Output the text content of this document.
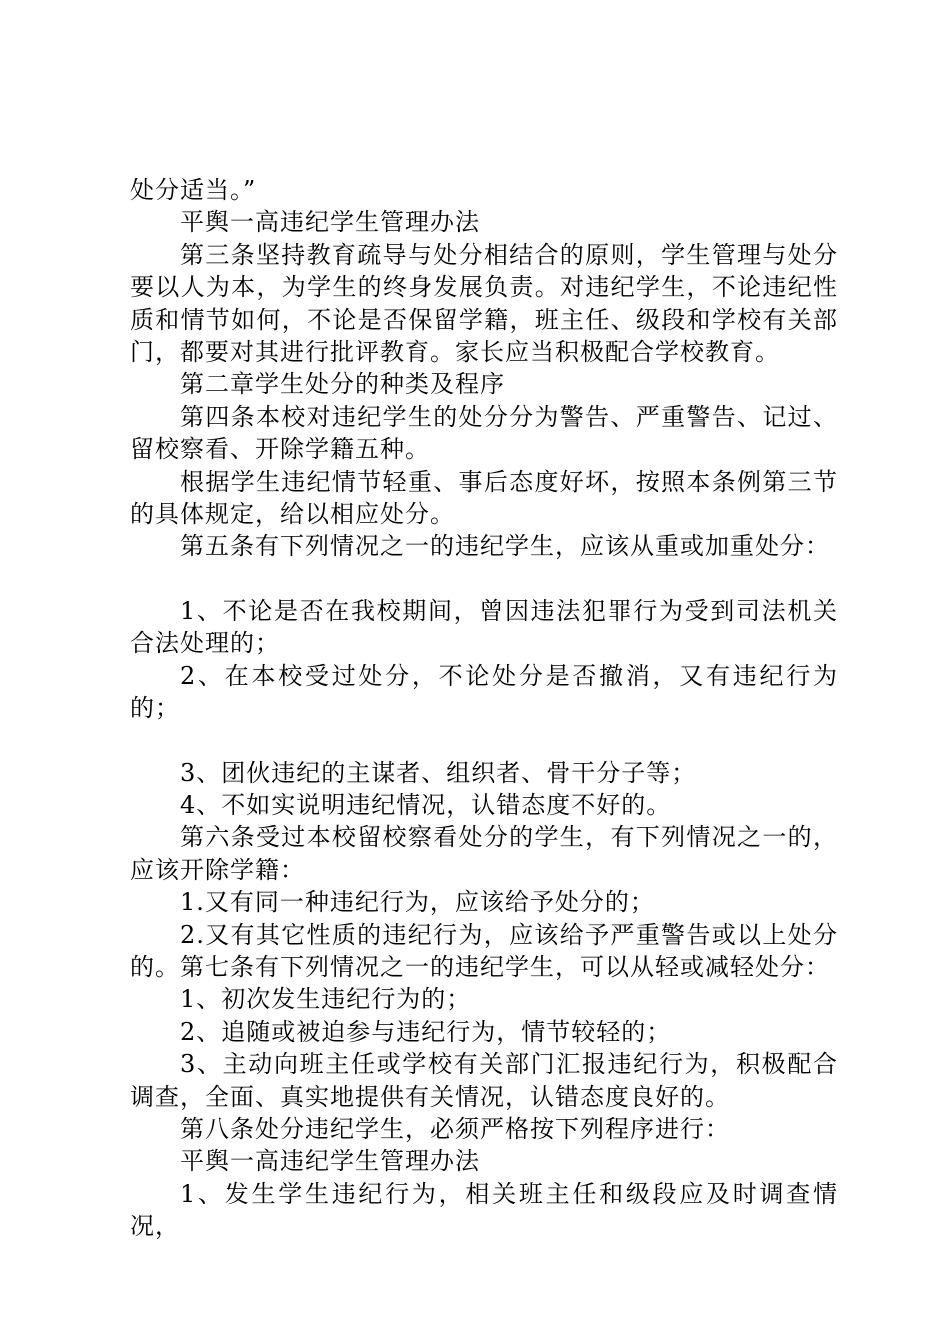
处分适当。”

平舆一高违纪学生管理办法

第三条坚持教育疏导与处分相结合的原则，学生管理与处分要以人为本，为学生的终身发展负责。对违纪学生，不论违纪性质和情节如何，不论是否保留学籍，班主任、级段和学校有关部门，都要对其进行批评教育。家长应当积极配合学校教育。

第二章学生处分的种类及程序

第四条本校对违纪学生的处分分为警告、严重警告、记过、留校察看、开除学籍五种。

根据学生违纪情节轻重、事后态度好坏，按照本条例第三节的具体规定，给以相应处分。

第五条有下列情况之一的违纪学生，应该从重或加重处分：

1、不论是否在我校期间，曾因违法犯罪行为受到司法机关合法处理的；

2、在本校受过处分，不论处分是否撤消，又有违纪行为的；

3、团伙违纪的主谋者、组织者、骨干分子等；

4、不如实说明违纪情况，认错态度不好的。

第六条受过本校留校察看处分的学生，有下列情况之一的，应该开除学籍：

1.又有同一种违纪行为，应该给予处分的；

2.又有其它性质的违纪行为，应该给予严重警告或以上处分的。第七条有下列情况之一的违纪学生，可以从轻或减轻处分：

1、初次发生违纪行为的；

2、追随或被迫参与违纪行为，情节较轻的；

3、主动向班主任或学校有关部门汇报违纪行为，积极配合调查，全面、真实地提供有关情况，认错态度良好的。

第八条处分违纪学生，必须严格按下列程序进行：

平舆一高违纪学生管理办法

1、发生学生违纪行为，相关班主任和级段应及时调查情况，
